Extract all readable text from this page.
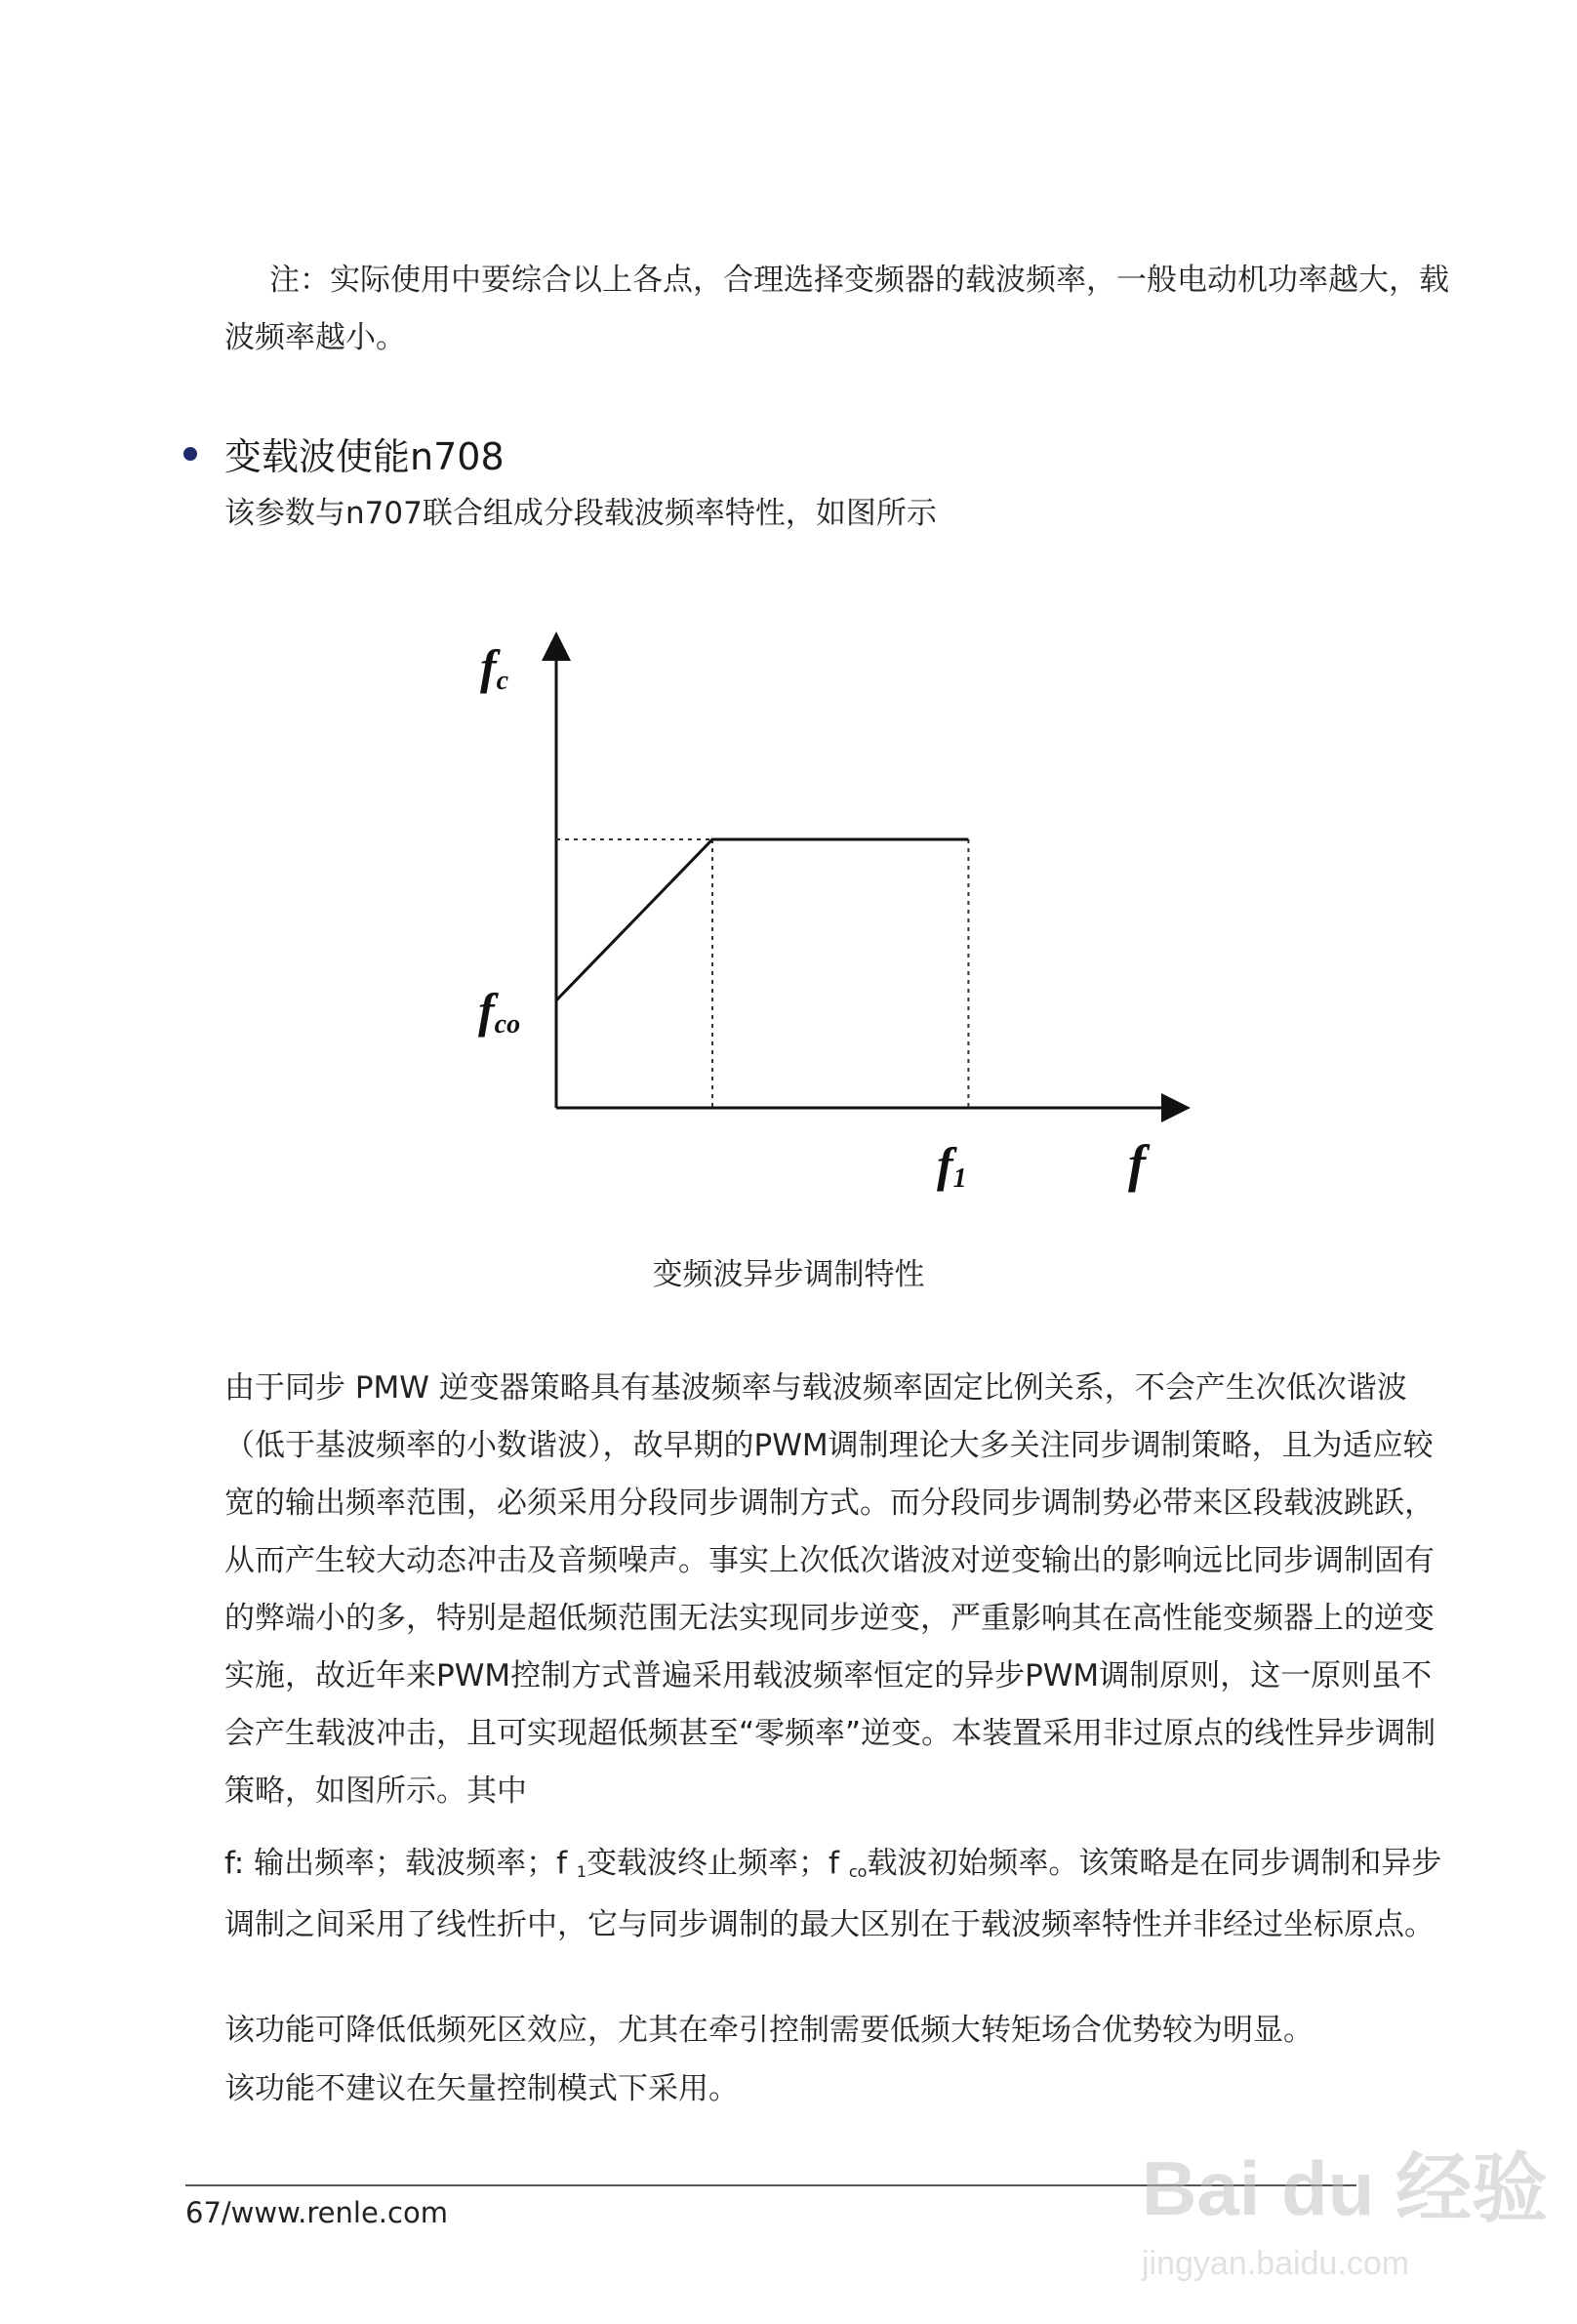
注：实际使用中要综合以上各点，合理选择变频器的载波频率，一般电动机功率越大，载波频率越小。

变载波使能n708

该参数与n707联合组成分段载波频率特性，如图所示

fc
fco
f1	f

变频波异步调制特性

由于同步 PMW 逆变器策略具有基波频率与载波频率固定比例关系，不会产生次低次谐波（低于基波频率的小数谐波），故早期的PWM调制理论大多关注同步调制策略，且为适应较宽的输出频率范围，必须采用分段同步调制方式。而分段同步调制势必带来区段载波跳跃，从而产生较大动态冲击及音频噪声。事实上次低次谐波对逆变输出的影响远比同步调制固有的弊端小的多，特别是超低频范围无法实现同步逆变，严重影响其在高性能变频器上的逆变实施，故近年来PWM控制方式普遍采用载波频率恒定的异步PWM调制原则，这一原则虽不会产生载波冲击，且可实现超低频甚至“零频率”逆变。本装置采用非过原点的线性异步调制策略，如图所示。其中

f: 输出频率；载波频率；f 1变载波终止频率；f co载波初始频率。该策略是在同步调制和异步调制之间采用了线性折中，它与同步调制的最大区别在于载波频率特性并非经过坐标原点。

该功能可降低低频死区效应，尤其在牵引控制需要低频大转矩场合优势较为明显。

该功能不建议在矢量控制模式下采用。

67/www.renle.com	Bai du 经验
jingyan.baidu.com
